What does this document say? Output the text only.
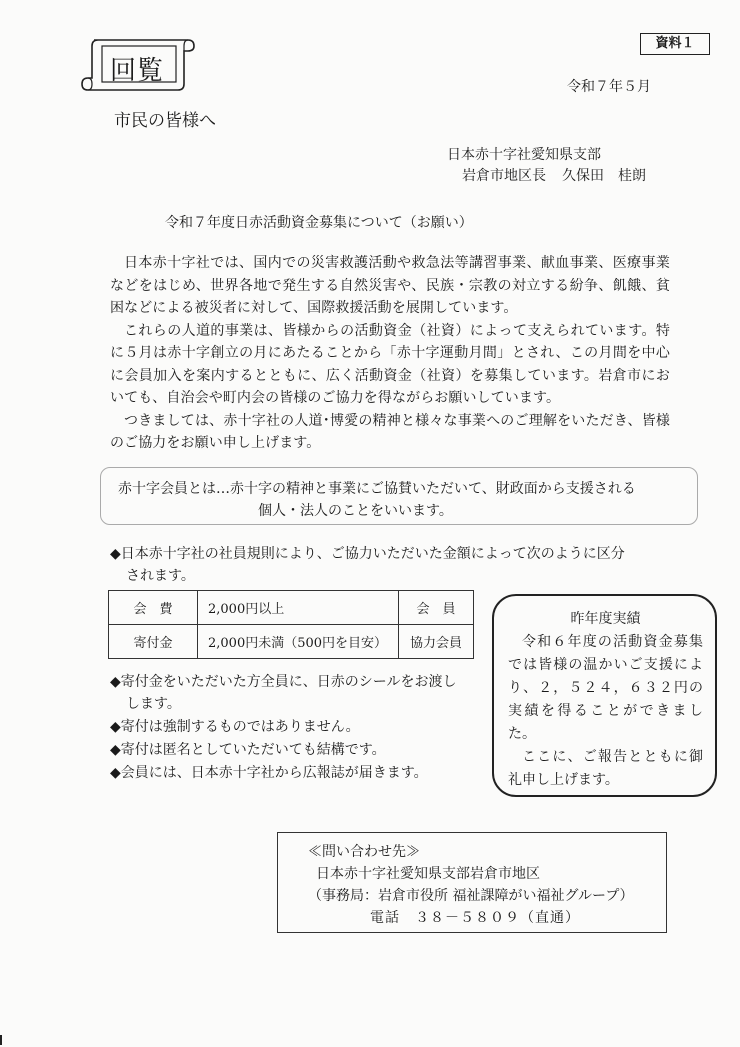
資料１
回覧
令和７年５月
市民の皆様へ
日本赤十字社愛知県支部
岩倉市地区長 久保田　桂朗
令和７年度日赤活動資金募集について（お願い）

日本赤十字社では、国内での災害救護活動や救急法等講習事業、献血事業、医療事業などをはじめ、世界各地で発生する自然災害や、民族・宗教の対立する紛争、飢餓、貧困などによる被災者に対して、国際救援活動を展開しています。

これらの人道的事業は、皆様からの活動資金（社資）によって支えられています。特に５月は赤十字創立の月にあたることから「赤十字運動月間」とされ、この月間を中心に会員加入を案内するとともに、広く活動資金（社資）を募集しています。岩倉市においても、自治会や町内会の皆様のご協力を得ながらお願いしています。

つきましては、赤十字社の人道･博愛の精神と様々な事業へのご理解をいただき、皆様のご協力をお願い申し上げます。

赤十字会員とは…赤十字の精神と事業にご協賛いただいて、財政面から支援される
個人・法人のことをいいます。
◆日本赤十字社の社員規則により、ご協力いただいた金額によって次のように区分
されます。
会　費	2,000円以上	会　員
寄付金	2,000円未満（500円を目安）	協力会員
◆寄付金をいただいた方全員に、日赤のシールをお渡し
します。
◆寄付は強制するものではありません。
◆寄付は匿名としていただいても結構です。
◆会員には、日本赤十字社から広報誌が届きます。
昨年度実績

令和６年度の活動資金募集では皆様の温かいご支援により、２，５２４，６３２円の実績を得ることができました。

ここに、ご報告とともに御礼申し上げます。

≪問い合わせ先≫
日本赤十字社愛知県支部岩倉市地区
（事務局：岩倉市役所 福祉課障がい福祉グループ）
電話　３８－５８０９（直通）
